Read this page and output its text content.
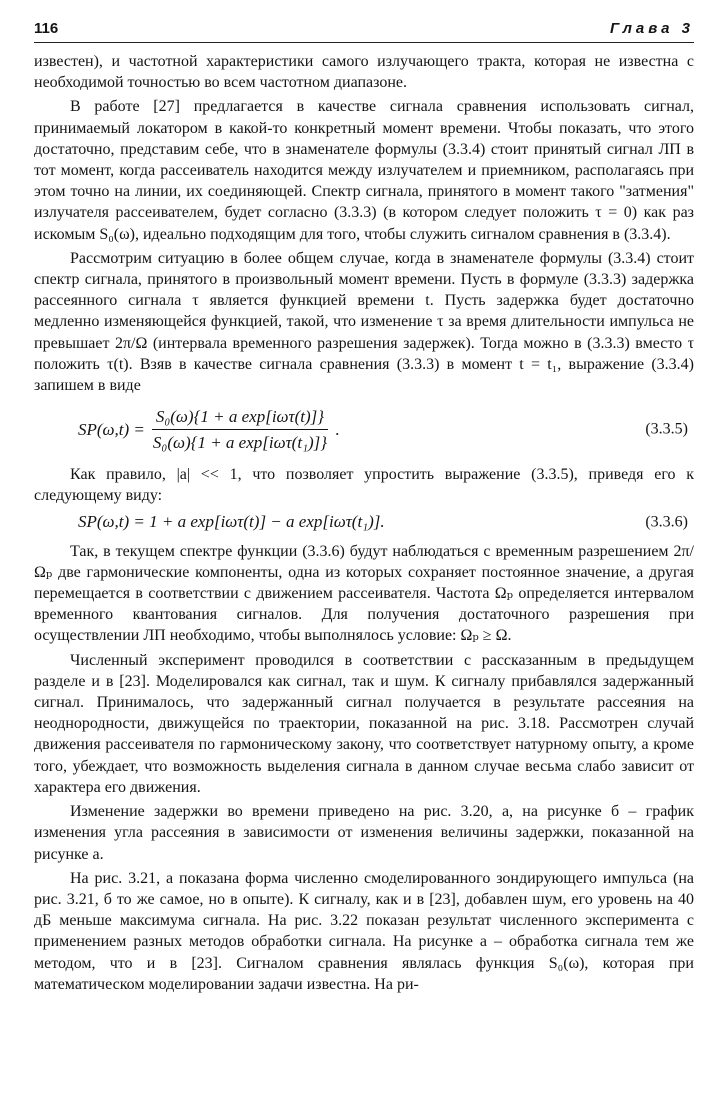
116	Глава 3

известен), и частотной характеристики самого излучающего тракта, которая не известна с необходимой точностью во всем частотном диапазоне.

В работе [27] предлагается в качестве сигнала сравнения использовать сигнал, принимаемый локатором в какой-то конкретный момент времени. Чтобы показать, что этого достаточно, представим себе, что в знаменателе формулы (3.3.4) стоит принятый сигнал ЛП в тот момент, когда рассеиватель находится между излучателем и приемником, располагаясь при этом точно на линии, их соединяющей. Спектр сигнала, принятого в момент такого "затмения" излучателя рассеивателем, будет согласно (3.3.3) (в котором следует положить τ = 0) как раз искомым S₀(ω), идеально подходящим для того, чтобы служить сигналом сравнения в (3.3.4).

Рассмотрим ситуацию в более общем случае, когда в знаменателе формулы (3.3.4) стоит спектр сигнала, принятого в произвольный момент времени. Пусть в формуле (3.3.3) задержка рассеянного сигнала τ является функцией времени t. Пусть задержка будет достаточно медленно изменяющейся функцией, такой, что изменение τ за время длительности импульса не превышает 2π/Ω (интервала временного разрешения задержек). Тогда можно в (3.3.3) вместо τ положить τ(t). Взяв в качестве сигнала сравнения (3.3.3) в момент t = t₁, выражение (3.3.4) запишем в виде

$SP(\omega,t) = \frac{\text{S₀(ω)\{1 + a exp[iωτ(t)]\}}}{\text{S₀(ω)\{1 + a exp[iωτ(t₁)]\}}}$ .	(3.3.5)

Как правило, |a| << 1, что позволяет упростить выражение (3.3.5), приведя его к следующему виду:

SP(ω,t) = 1 + a exp[iωτ(t)] − a exp[iωτ(t₁)].	(3.3.6)

Так, в текущем спектре функции (3.3.6) будут наблюдаться с временным разрешением 2π/Ωₚ две гармонические компоненты, одна из которых сохраняет постоянное значение, а другая перемещается в соответствии с движением рассеивателя. Частота Ωₚ определяется интервалом временного квантования сигналов. Для получения достаточного разрешения при осуществлении ЛП необходимо, чтобы выполнялось условие: Ωₚ ≥ Ω.

Численный эксперимент проводился в соответствии с рассказанным в предыдущем разделе и в [23]. Моделировался как сигнал, так и шум. К сигналу прибавлялся задержанный сигнал. Принималось, что задержанный сигнал получается в результате рассеяния на неоднородности, движущейся по траектории, показанной на рис. 3.18. Рассмотрен случай движения рассеивателя по гармоническому закону, что соответствует натурному опыту, а кроме того, убеждает, что возможность выделения сигнала в данном случае весьма слабо зависит от характера его движения.

Изменение задержки во времени приведено на рис. 3.20, а, на рисунке б – график изменения угла рассеяния в зависимости от изменения величины задержки, показанной на рисунке а.

На рис. 3.21, а показана форма численно смоделированного зондирующего импульса (на рис. 3.21, б то же самое, но в опыте). К сигналу, как и в [23], добавлен шум, его уровень на 40 дБ меньше максимума сигнала. На рис. 3.22 показан результат численного эксперимента с применением разных методов обработки сигнала. На рисунке а – обработка сигнала тем же методом, что и в [23]. Сигналом сравнения являлась функция S₀(ω), которая при математическом моделировании задачи известна. На ри-
